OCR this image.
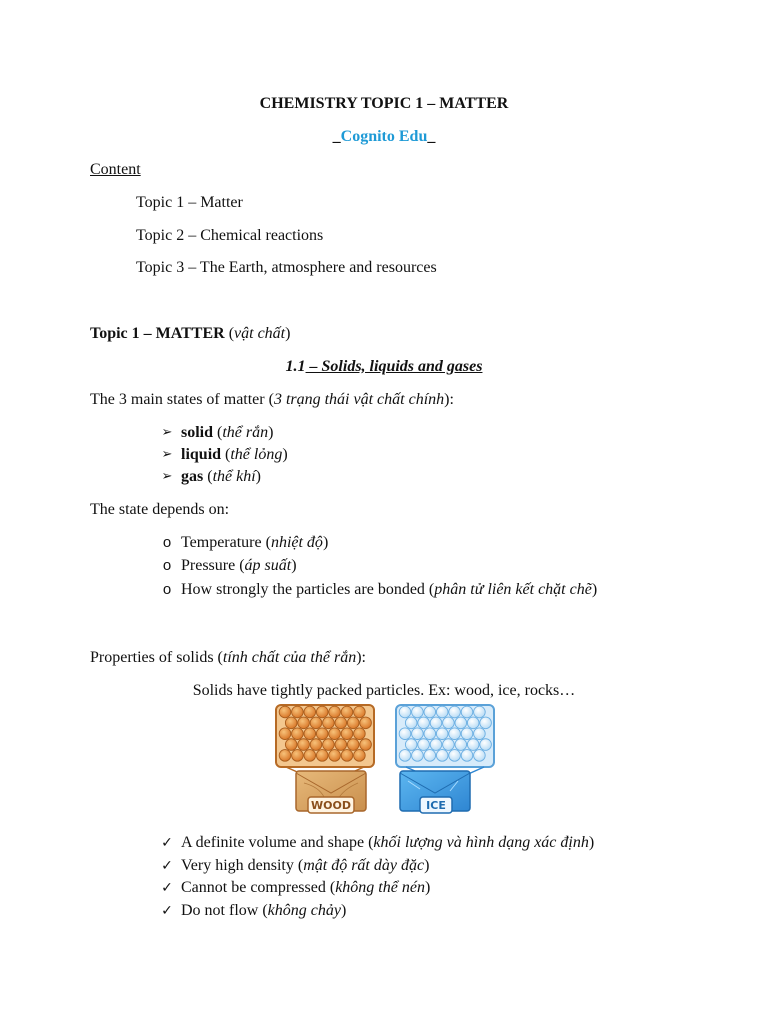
CHEMISTRY TOPIC 1 – MATTER
_Cognito Edu_
Content
Topic 1 – Matter
Topic 2 – Chemical reactions
Topic 3 – The Earth, atmosphere and resources
Topic 1 – MATTER (vật chất)
1.1 – Solids, liquids and gases
The 3 main states of matter (3 trạng thái vật chất chính):
➢ solid (thể rắn)
➢ liquid (thể lỏng)
➢ gas (thể khí)
The state depends on:
o Temperature (nhiệt độ)
o Pressure (áp suất)
o How strongly the particles are bonded (phân tử liên kết chặt chẽ)
Properties of solids (tính chất của thể rắn):
Solids have tightly packed particles. Ex: wood, ice, rocks…
WOOD	ICE
✓ A definite volume and shape (khối lượng và hình dạng xác định)
✓ Very high density (mật độ rất dày đặc)
✓ Cannot be compressed (không thể nén)
✓ Do not flow (không chảy)
